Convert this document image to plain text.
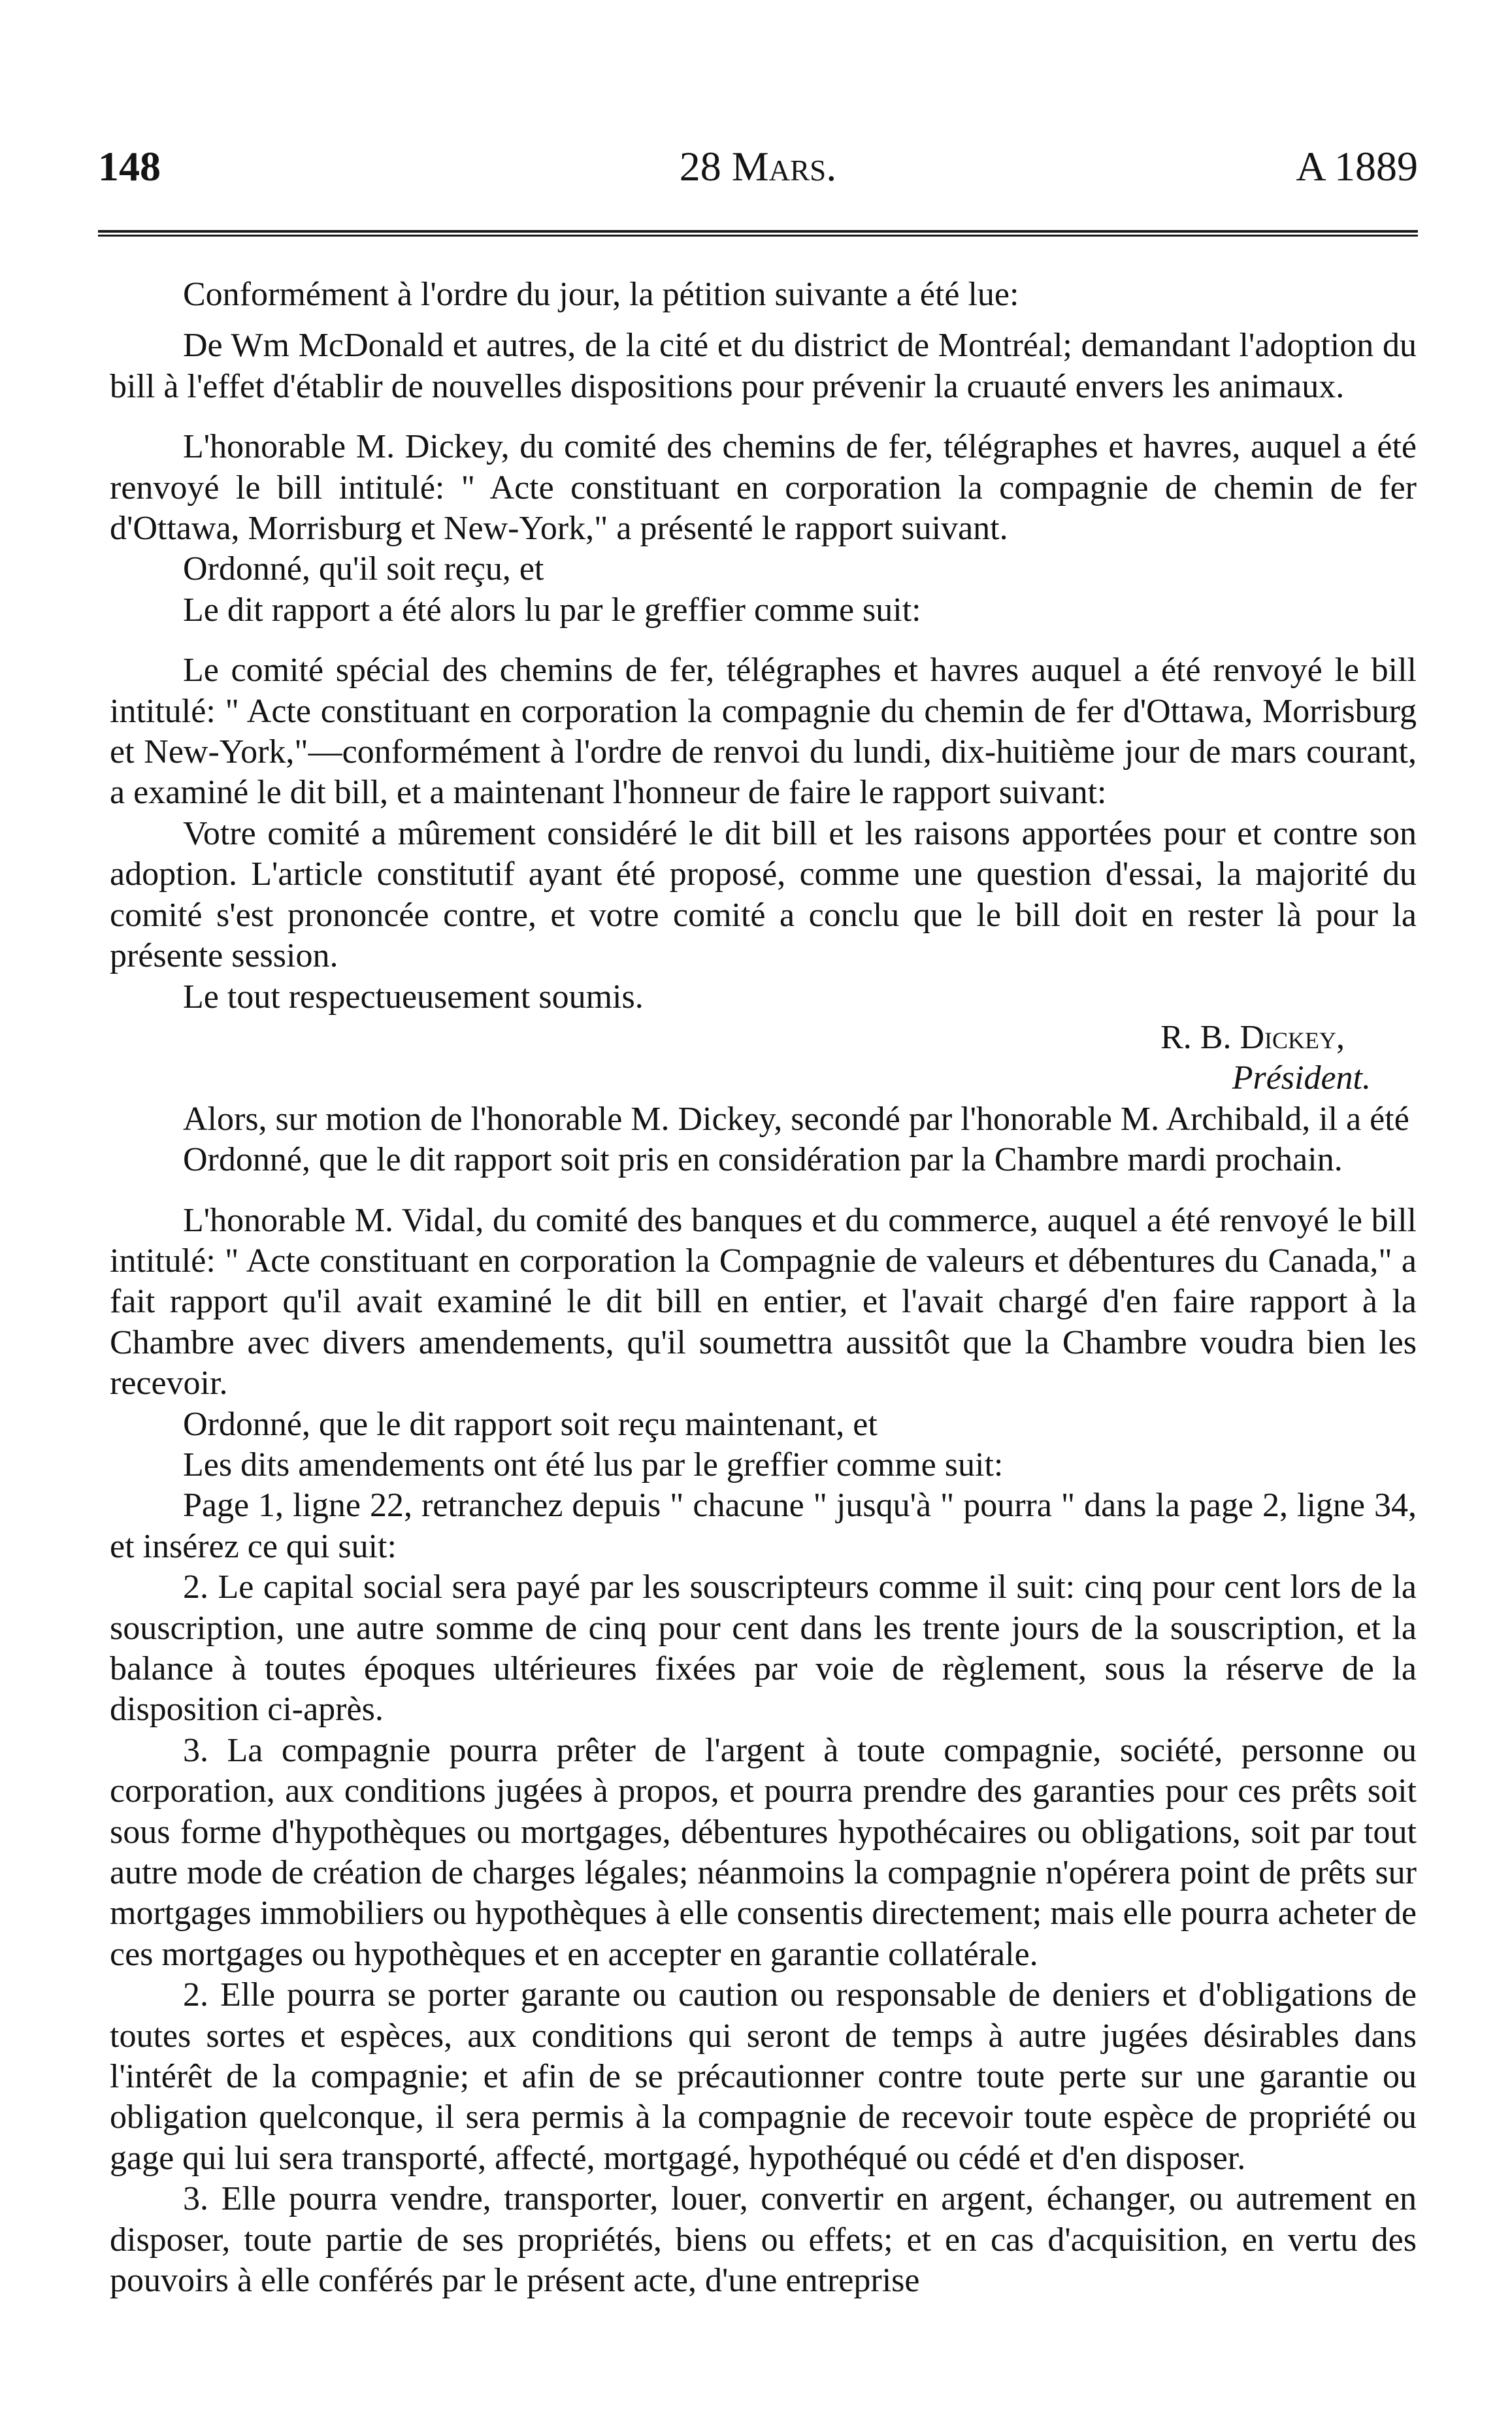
148	28 Mars.	A 1889

Conformément à l'ordre du jour, la pétition suivante a été lue:

De Wm McDonald et autres, de la cité et du district de Montréal; demandant l'adoption du bill à l'effet d'établir de nouvelles dispositions pour prévenir la cruauté envers les animaux.

L'honorable M. Dickey, du comité des chemins de fer, télégraphes et havres, auquel a été renvoyé le bill intitulé: " Acte constituant en corporation la compagnie de chemin de fer d'Ottawa, Morrisburg et New-York," a présenté le rapport suivant.

Ordonné, qu'il soit reçu, et

Le dit rapport a été alors lu par le greffier comme suit:

Le comité spécial des chemins de fer, télégraphes et havres auquel a été renvoyé le bill intitulé: " Acte constituant en corporation la compagnie du chemin de fer d'Ottawa, Morrisburg et New-York,"—conformément à l'ordre de renvoi du lundi, dix-huitième jour de mars courant, a examiné le dit bill, et a maintenant l'honneur de faire le rapport suivant:

Votre comité a mûrement considéré le dit bill et les raisons apportées pour et contre son adoption. L'article constitutif ayant été proposé, comme une question d'essai, la majorité du comité s'est prononcée contre, et votre comité a conclu que le bill doit en rester là pour la présente session.

Le tout respectueusement soumis.

R. B. Dickey,

Président.

Alors, sur motion de l'honorable M. Dickey, secondé par l'honorable M. Archibald, il a été

Ordonné, que le dit rapport soit pris en considération par la Chambre mardi prochain.

L'honorable M. Vidal, du comité des banques et du commerce, auquel a été renvoyé le bill intitulé: " Acte constituant en corporation la Compagnie de valeurs et débentures du Canada," a fait rapport qu'il avait examiné le dit bill en entier, et l'avait chargé d'en faire rapport à la Chambre avec divers amendements, qu'il soumettra aussitôt que la Chambre voudra bien les recevoir.

Ordonné, que le dit rapport soit reçu maintenant, et

Les dits amendements ont été lus par le greffier comme suit:

Page 1, ligne 22, retranchez depuis " chacune " jusqu'à " pourra " dans la page 2, ligne 34, et insérez ce qui suit:

2. Le capital social sera payé par les souscripteurs comme il suit: cinq pour cent lors de la souscription, une autre somme de cinq pour cent dans les trente jours de la souscription, et la balance à toutes époques ultérieures fixées par voie de règlement, sous la réserve de la disposition ci-après.

3. La compagnie pourra prêter de l'argent à toute compagnie, société, personne ou corporation, aux conditions jugées à propos, et pourra prendre des garanties pour ces prêts soit sous forme d'hypothèques ou mortgages, débentures hypothécaires ou obligations, soit par tout autre mode de création de charges légales; néanmoins la compagnie n'opérera point de prêts sur mortgages immobiliers ou hypothèques à elle consentis directement; mais elle pourra acheter de ces mortgages ou hypothèques et en accepter en garantie collatérale.

2. Elle pourra se porter garante ou caution ou responsable de deniers et d'obligations de toutes sortes et espèces, aux conditions qui seront de temps à autre jugées désirables dans l'intérêt de la compagnie; et afin de se précautionner contre toute perte sur une garantie ou obligation quelconque, il sera permis à la compagnie de recevoir toute espèce de propriété ou gage qui lui sera transporté, affecté, mortgagé, hypothéqué ou cédé et d'en disposer.

3. Elle pourra vendre, transporter, louer, convertir en argent, échanger, ou autrement en disposer, toute partie de ses propriétés, biens ou effets; et en cas d'acquisition, en vertu des pouvoirs à elle conférés par le présent acte, d'une entreprise
